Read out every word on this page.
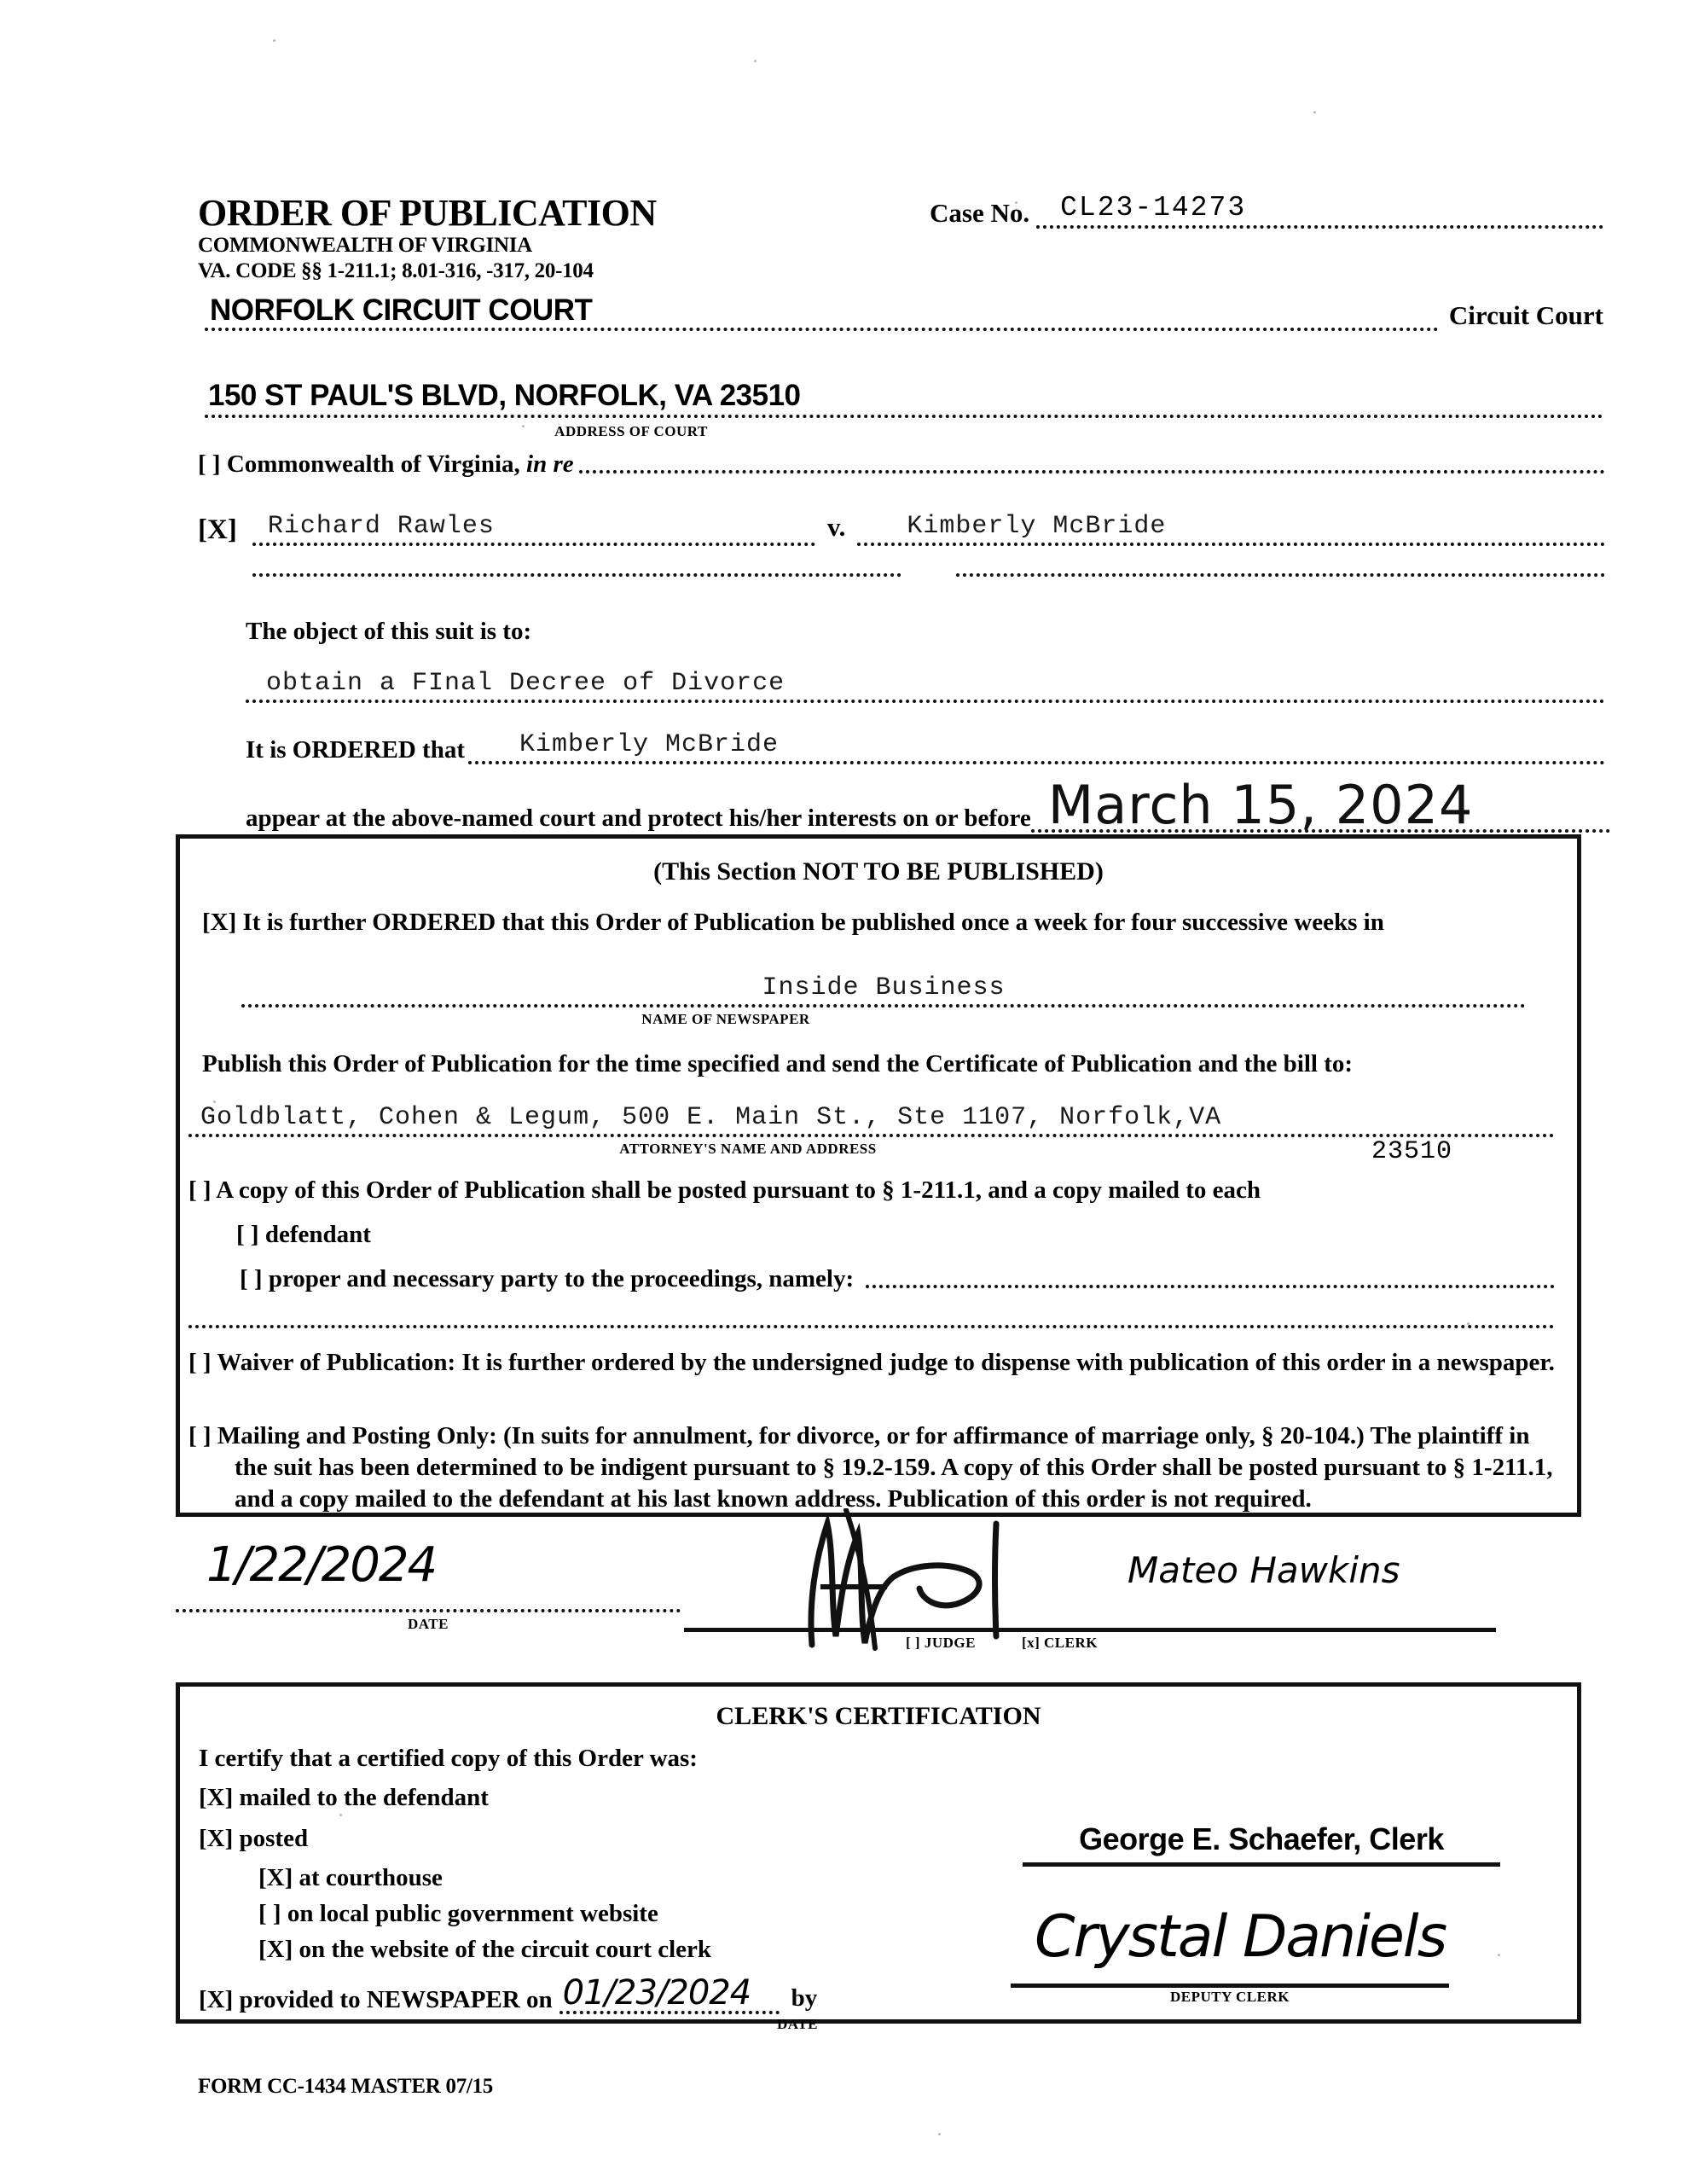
ORDER OF PUBLICATION
COMMONWEALTH OF VIRGINIA
VA. CODE §§ 1-211.1; 8.01-316, -317, 20-104
Case No. CL23-14273
NORFOLK CIRCUIT COURT	Circuit Court
150 ST PAUL'S BLVD, NORFOLK, VA 23510
ADDRESS OF COURT
[ ] Commonwealth of Virginia, in re
[X] Richard Rawles	v. Kimberly McBride
The object of this suit is to:
obtain a FInal Decree of Divorce
It is ORDERED that Kimberly McBride
appear at the above-named court and protect his/her interests on or before March 15, 2024
(This Section NOT TO BE PUBLISHED)
[X] It is further ORDERED that this Order of Publication be published once a week for four successive weeks in
Inside Business
NAME OF NEWSPAPER
Publish this Order of Publication for the time specified and send the Certificate of Publication and the bill to:
Goldblatt, Cohen & Legum, 500 E. Main St., Ste 1107, Norfolk,VA
ATTORNEY'S NAME AND ADDRESS	23510
[ ] A copy of this Order of Publication shall be posted pursuant to § 1-211.1, and a copy mailed to each
[ ] defendant
[ ] proper and necessary party to the proceedings, namely:
[ ] Waiver of Publication: It is further ordered by the undersigned judge to dispense with publication of this order in a newspaper.
[ ] Mailing and Posting Only: (In suits for annulment, for divorce, or for affirmance of marriage only, § 20-104.) The plaintiff in the suit has been determined to be indigent pursuant to § 19.2-159. A copy of this Order shall be posted pursuant to § 1-211.1, and a copy mailed to the defendant at his last known address. Publication of this order is not required.
1/22/2024
DATE
Mateo Hawkins
[ ] JUDGE	[x] CLERK
CLERK'S CERTIFICATION
I certify that a certified copy of this Order was:
[X] mailed to the defendant
[X] posted
[X] at courthouse
[ ] on local public government website
[X] on the website of the circuit court clerk
[X] provided to NEWSPAPER on 01/23/2024 by
DATE
George E. Schaefer, Clerk
Crystal Daniels
DEPUTY CLERK
FORM CC-1434 MASTER 07/15
